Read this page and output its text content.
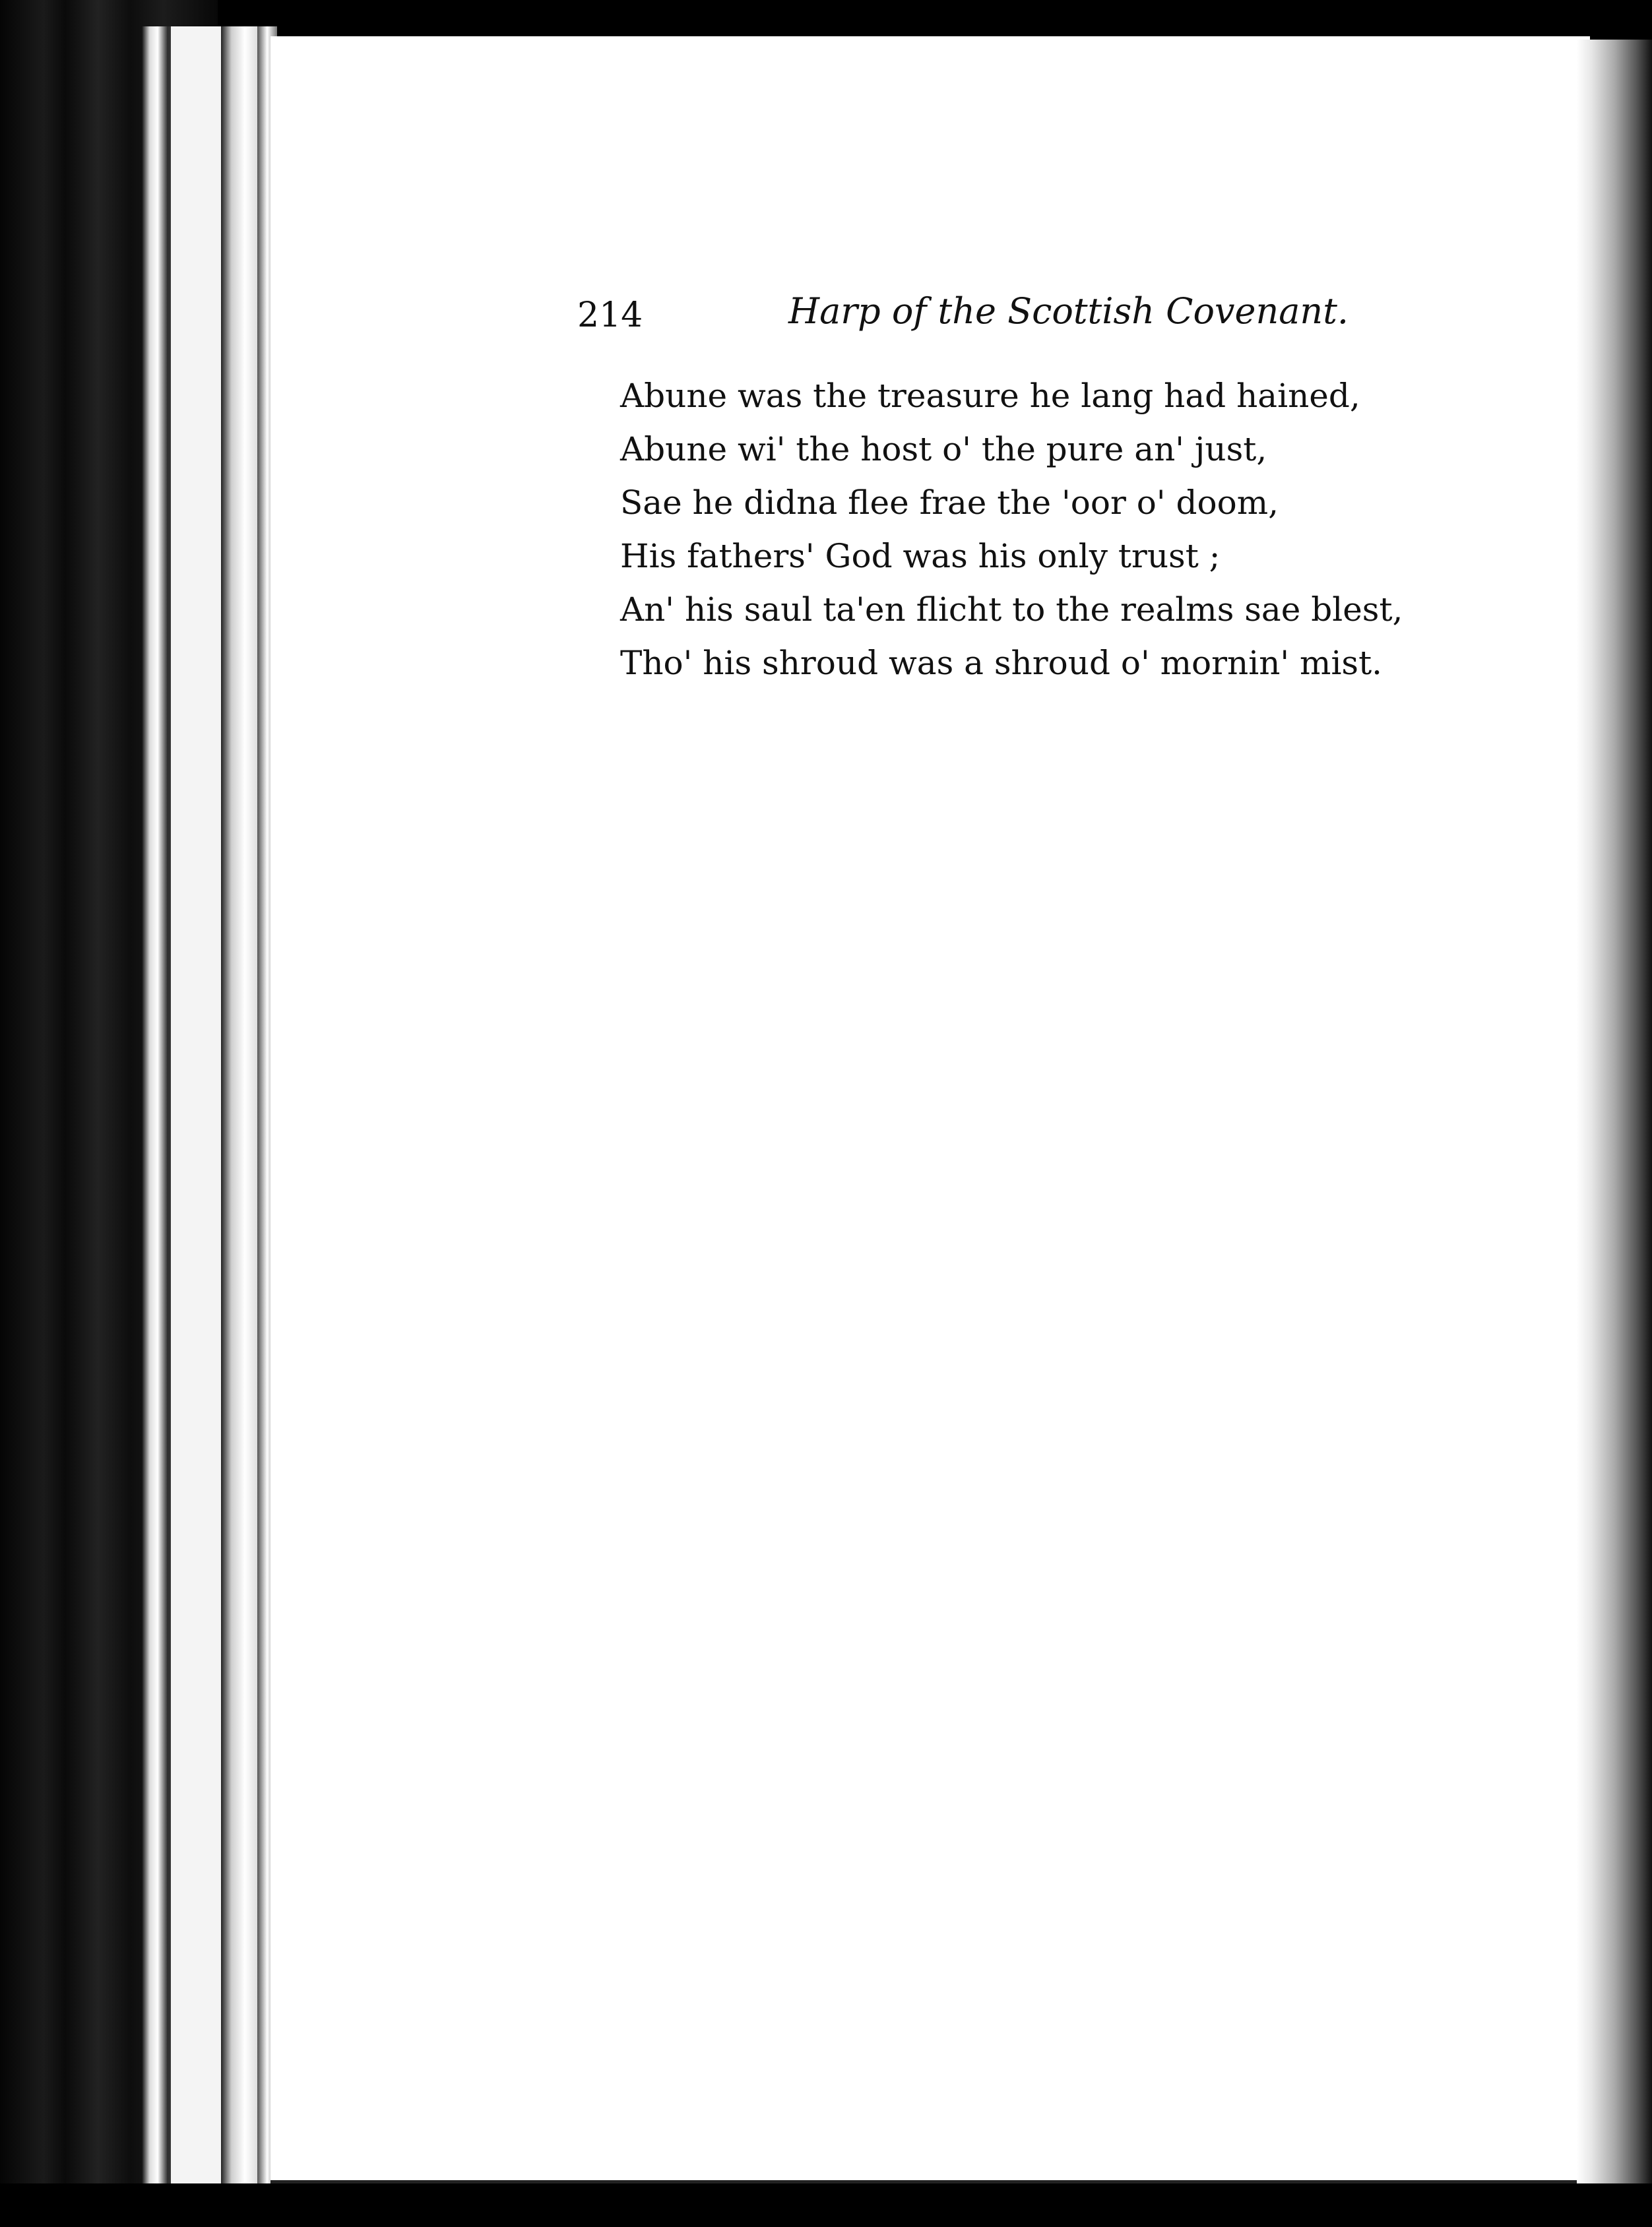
214	Harp of the Scottish Covenant.
Abune was the treasure he lang had hained,
Abune wi' the host o' the pure an' just,
Sae he didna flee frae the 'oor o' doom,
His fathers' God was his only trust ;
An' his saul ta'en flicht to the realms sae blest,
Tho' his shroud was a shroud o' mornin' mist.
